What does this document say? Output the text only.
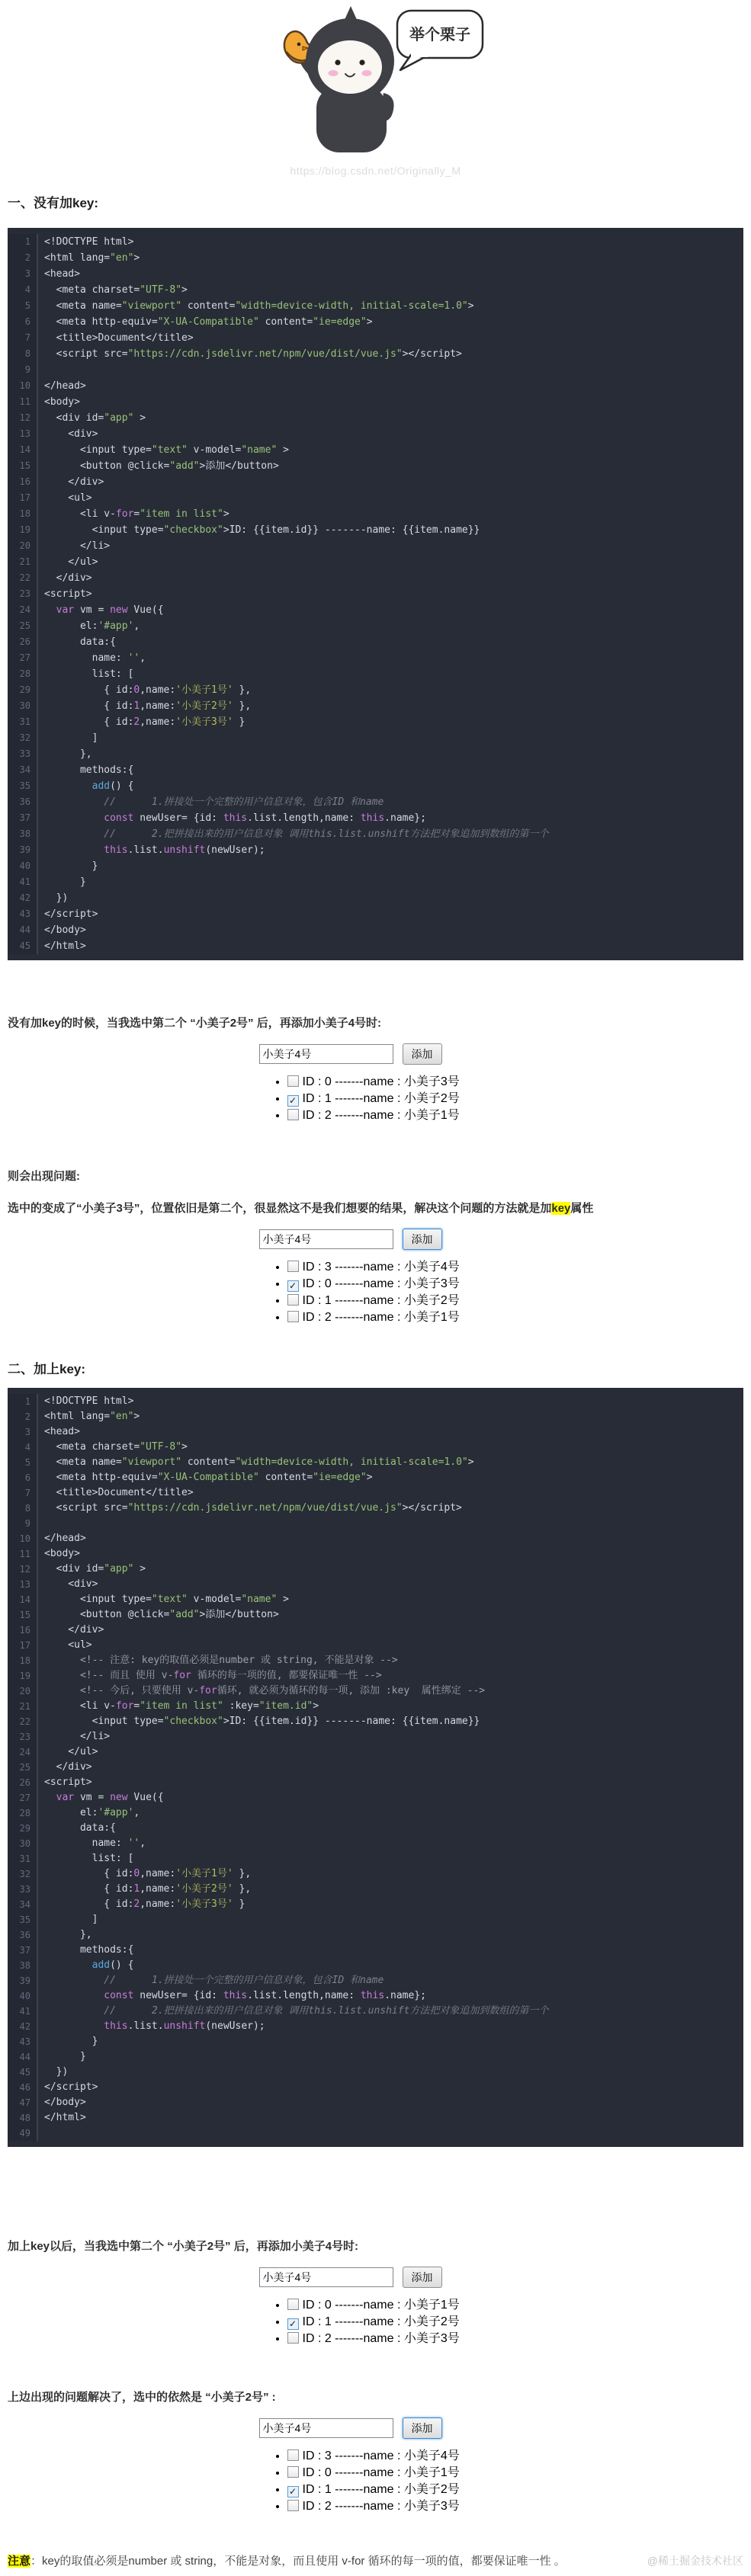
举个栗子
https://blog.csdn.net/Originally_M
一、没有加key:
1	<!DOCTYPE html>
2	<html lang="en">
3	<head>
4	<meta charset="UTF-8">
5	<meta name="viewport" content="width=device-width, initial-scale=1.0">
6	<meta http-equiv="X-UA-Compatible" content="ie=edge">
7	<title>Document</title>
8	<script src="https://cdn.jsdelivr.net/npm/vue/dist/vue.js"></script>
9

10	</head>
11	<body>
12	<div id="app" >
13	<div>
14	<input type="text" v-model="name" >
15	<button @click="add">添加</button>
16	</div>
17	<ul>
18	<li v-for="item in list">
19	<input type="checkbox">ID: {{item.id}} -------name: {{item.name}}
20	</li>
21	</ul>
22	</div>
23	<script>
24	var vm = new Vue({
25	el:'#app',
26	data:{
27	name: '',
28	list: [
29	{ id:0,name:'小美子1号' },
30	{ id:1,name:'小美子2号' },
31	{ id:2,name:'小美子3号' }
32	]
33	},
34	methods:{
35	add() {
36	//      1.拼接处一个完整的用户信息对象，包含ID 和name
37	const newUser= {id: this.list.length,name: this.name};
38	//      2.把拼接出来的用户信息对象 调用this.list.unshift方法把对象追加到数组的第一个
39	this.list.unshift(newUser);
40	}
41	}
42	})
43	</script>
44	</body>
45	</html>

没有加key的时候，当我选中第二个 “小美子2号” 后，再添加小美子4号时:

小美子4号
添加
• ID : 0 -------name : 小美子3号
• ✓ ID : 1 -------name : 小美子2号
• ID : 2 -------name : 小美子1号

则会出现问题:

选中的变成了“小美子3号”，位置依旧是第二个，很显然这不是我们想要的结果，解决这个问题的方法就是加key属性

小美子4号
添加
• ID : 3 -------name : 小美子4号
• ✓ ID : 0 -------name : 小美子3号
• ID : 1 -------name : 小美子2号
• ID : 2 -------name : 小美子1号
二、加上key:
1	<!DOCTYPE html>
2	<html lang="en">
3	<head>
4	<meta charset="UTF-8">
5	<meta name="viewport" content="width=device-width, initial-scale=1.0">
6	<meta http-equiv="X-UA-Compatible" content="ie=edge">
7	<title>Document</title>
8	<script src="https://cdn.jsdelivr.net/npm/vue/dist/vue.js"></script>
9

10	</head>
11	<body>
12	<div id="app" >
13	<div>
14	<input type="text" v-model="name" >
15	<button @click="add">添加</button>
16	</div>
17	<ul>
18	<!-- 注意: key的取值必须是number 或 string, 不能是对象 -->
19	<!-- 而且 使用 v-for 循环的每一项的值, 都要保证唯一性 -->
20	<!-- 今后, 只要使用 v-for循环, 就必须为循环的每一项, 添加 :key  属性绑定 -->
21	<li v-for="item in list" :key="item.id">
22	<input type="checkbox">ID: {{item.id}} -------name: {{item.name}}
23	</li>
24	</ul>
25	</div>
26	<script>
27	var vm = new Vue({
28	el:'#app',
29	data:{
30	name: '',
31	list: [
32	{ id:0,name:'小美子1号' },
33	{ id:1,name:'小美子2号' },
34	{ id:2,name:'小美子3号' }
35	]
36	},
37	methods:{
38	add() {
39	//      1.拼接处一个完整的用户信息对象，包含ID 和name
40	const newUser= {id: this.list.length,name: this.name};
41	//      2.把拼接出来的用户信息对象 调用this.list.unshift方法把对象追加到数组的第一个
42	this.list.unshift(newUser);
43	}
44	}
45	})
46	</script>
47	</body>
48	</html>
49

加上key以后，当我选中第二个 “小美子2号” 后，再添加小美子4号时:

小美子4号
添加
• ID : 0 -------name : 小美子1号
• ✓ ID : 1 -------name : 小美子2号
• ID : 2 -------name : 小美子3号

上边出现的问题解决了，选中的依然是 “小美子2号” :

小美子4号
添加
• ID : 3 -------name : 小美子4号
• ID : 0 -------name : 小美子1号
• ✓ ID : 1 -------name : 小美子2号
• ID : 2 -------name : 小美子3号
注意：key的取值必须是number 或 string，不能是对象，而且使用 v-for 循环的每一项的值，都要保证唯一性 。	@稀土掘金技术社区
